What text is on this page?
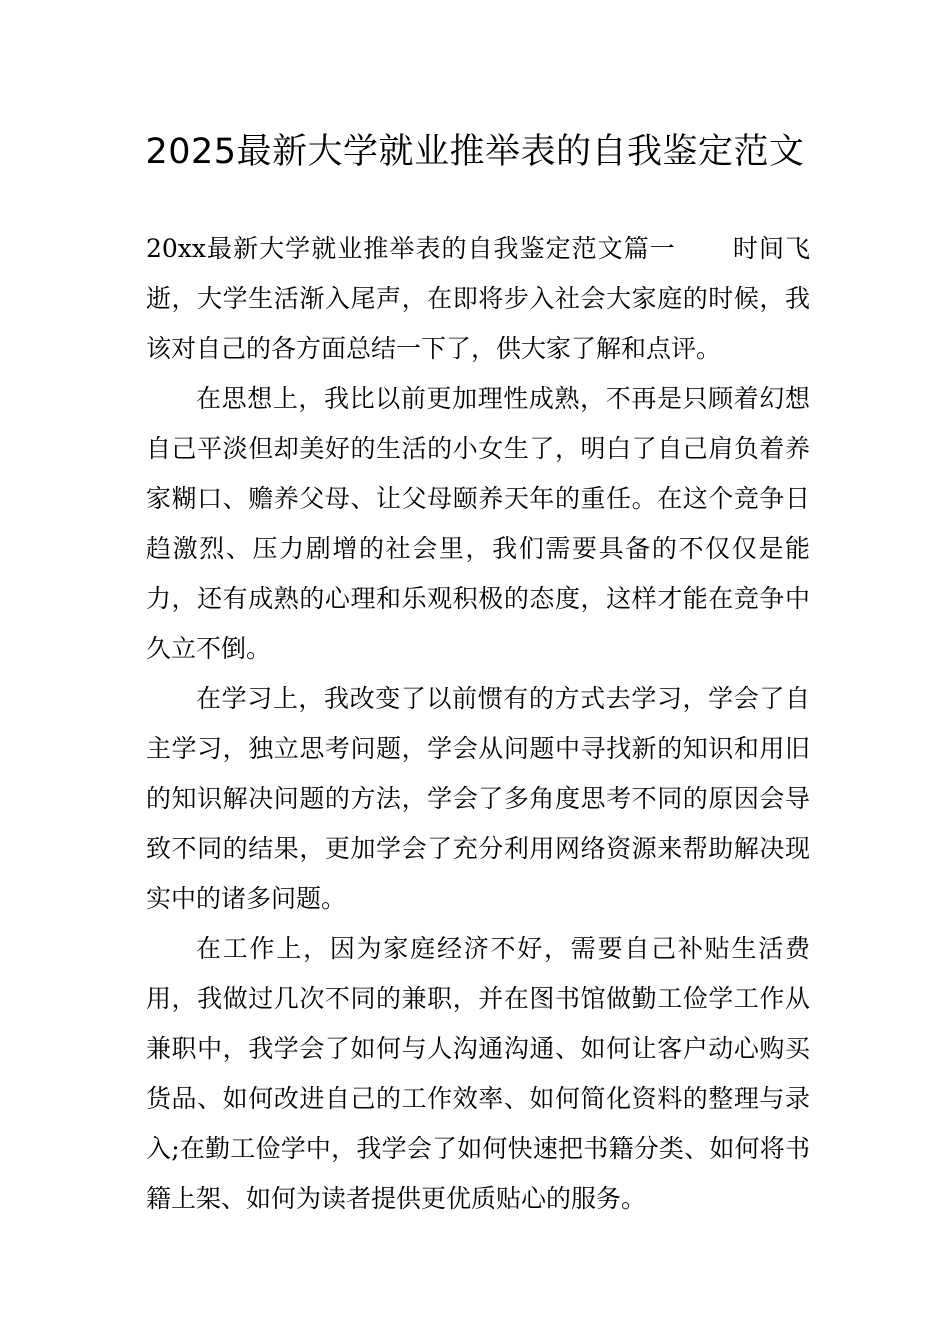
2025最新大学就业推举表的自我鉴定范文

20xx最新大学就业推举表的自我鉴定范文篇一 时间飞逝，大学生活渐入尾声，在即将步入社会大家庭的时候，我该对自己的各方面总结一下了，供大家了解和点评。

在思想上，我比以前更加理性成熟，不再是只顾着幻想自己平淡但却美好的生活的小女生了，明白了自己肩负着养家糊口、赡养父母、让父母颐养天年的重任。在这个竞争日趋激烈、压力剧增的社会里，我们需要具备的不仅仅是能力，还有成熟的心理和乐观积极的态度，这样才能在竞争中久立不倒。

在学习上，我改变了以前惯有的方式去学习，学会了自主学习，独立思考问题，学会从问题中寻找新的知识和用旧的知识解决问题的方法，学会了多角度思考不同的原因会导致不同的结果，更加学会了充分利用网络资源来帮助解决现实中的诸多问题。

在工作上，因为家庭经济不好，需要自己补贴生活费用，我做过几次不同的兼职，并在图书馆做勤工俭学工作从兼职中，我学会了如何与人沟通沟通、如何让客户动心购买货品、如何改进自己的工作效率、如何简化资料的整理与录入;在勤工俭学中，我学会了如何快速把书籍分类、如何将书籍上架、如何为读者提供更优质贴心的服务。
